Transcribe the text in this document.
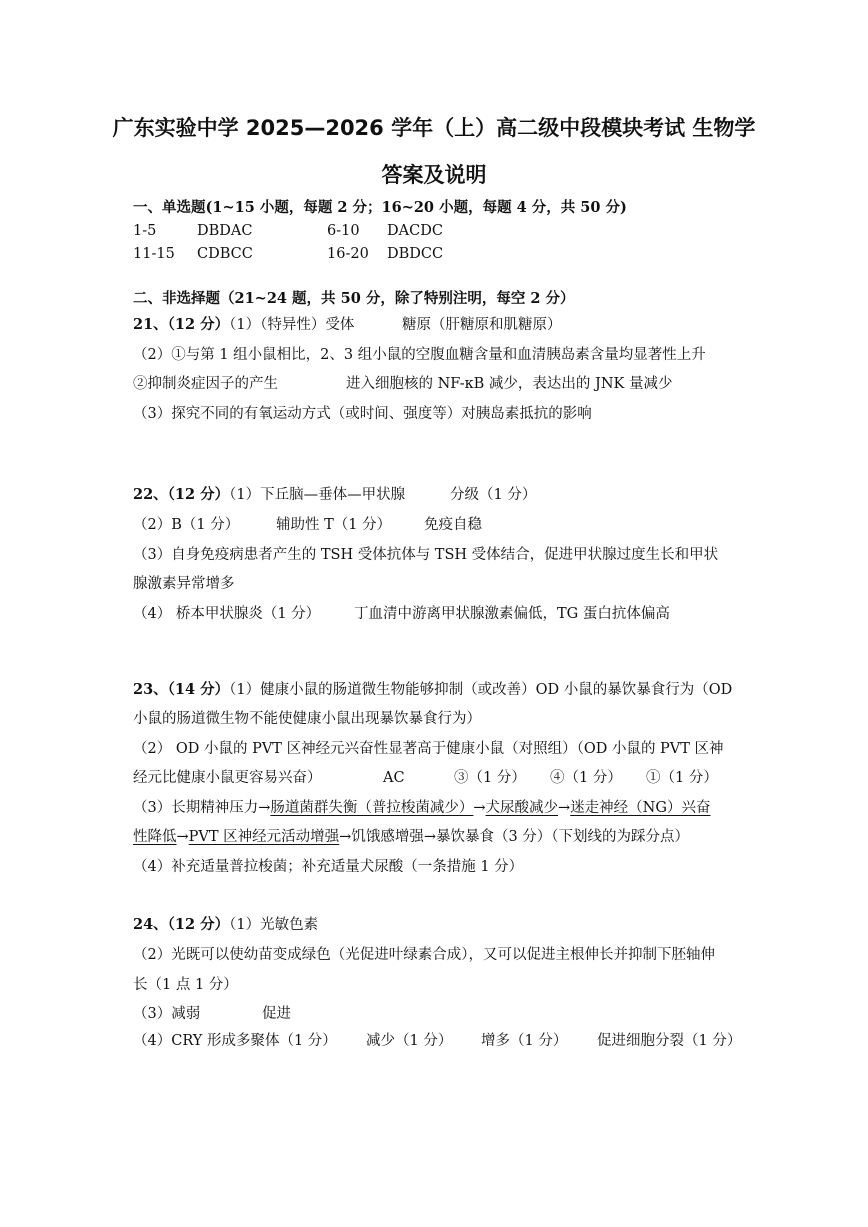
广东实验中学 2025—2026 学年（上）高二级中段模块考试 生物学
答案及说明
一、单选题(1~15 小题，每题 2 分；16~20 小题，每题 4 分，共 50 分)
1-5	DBDAC	6-10 DACDC
11-15 CDBCC	16-20 DBDCC
二、非选择题（21~24 题，共 50 分，除了特别注明，每空 2 分）
21、（12 分）（1）（特异性）受体	糖原（肝糖原和肌糖原）
（2）①与第 1 组小鼠相比，2、3 组小鼠的空腹血糖含量和血清胰岛素含量均显著性上升
②抑制炎症因子的产生	进入细胞核的 NF-κB 减少，表达出的 JNK 量减少
（3）探究不同的有氧运动方式（或时间、强度等）对胰岛素抵抗的影响
22、（12 分）（1）下丘脑—垂体—甲状腺	分级（1 分）
（2）B（1 分）	辅助性 T（1 分） 免疫自稳
（3）自身免疫病患者产生的 TSH 受体抗体与 TSH 受体结合，促进甲状腺过度生长和甲状
腺激素异常增多
（4） 桥本甲状腺炎（1 分） 丁血清中游离甲状腺激素偏低，TG 蛋白抗体偏高
23、（14 分）（1）健康小鼠的肠道微生物能够抑制（或改善）OD 小鼠的暴饮暴食行为（OD
小鼠的肠道微生物不能使健康小鼠出现暴饮暴食行为）
（2） OD 小鼠的 PVT 区神经元兴奋性显著高于健康小鼠（对照组）（OD 小鼠的 PVT 区神
经元比健康小鼠更容易兴奋）	AC	③（1 分） ④（1 分） ①（1 分）
（3）长期精神压力→肠道菌群失衡（普拉梭菌减少）→犬尿酸减少→迷走神经（NG）兴奋
性降低→PVT 区神经元活动增强→饥饿感增强→暴饮暴食（3 分）（下划线的为踩分点）
（4）补充适量普拉梭菌；补充适量犬尿酸（一条措施 1 分）
24、（12 分）（1）光敏色素
（2）光既可以使幼苗变成绿色（光促进叶绿素合成），又可以促进主根伸长并抑制下胚轴伸
长（1 点 1 分）
（3）减弱	促进
（4）CRY 形成多聚体（1 分） 减少（1 分） 增多（1 分） 促进细胞分裂（1 分）
